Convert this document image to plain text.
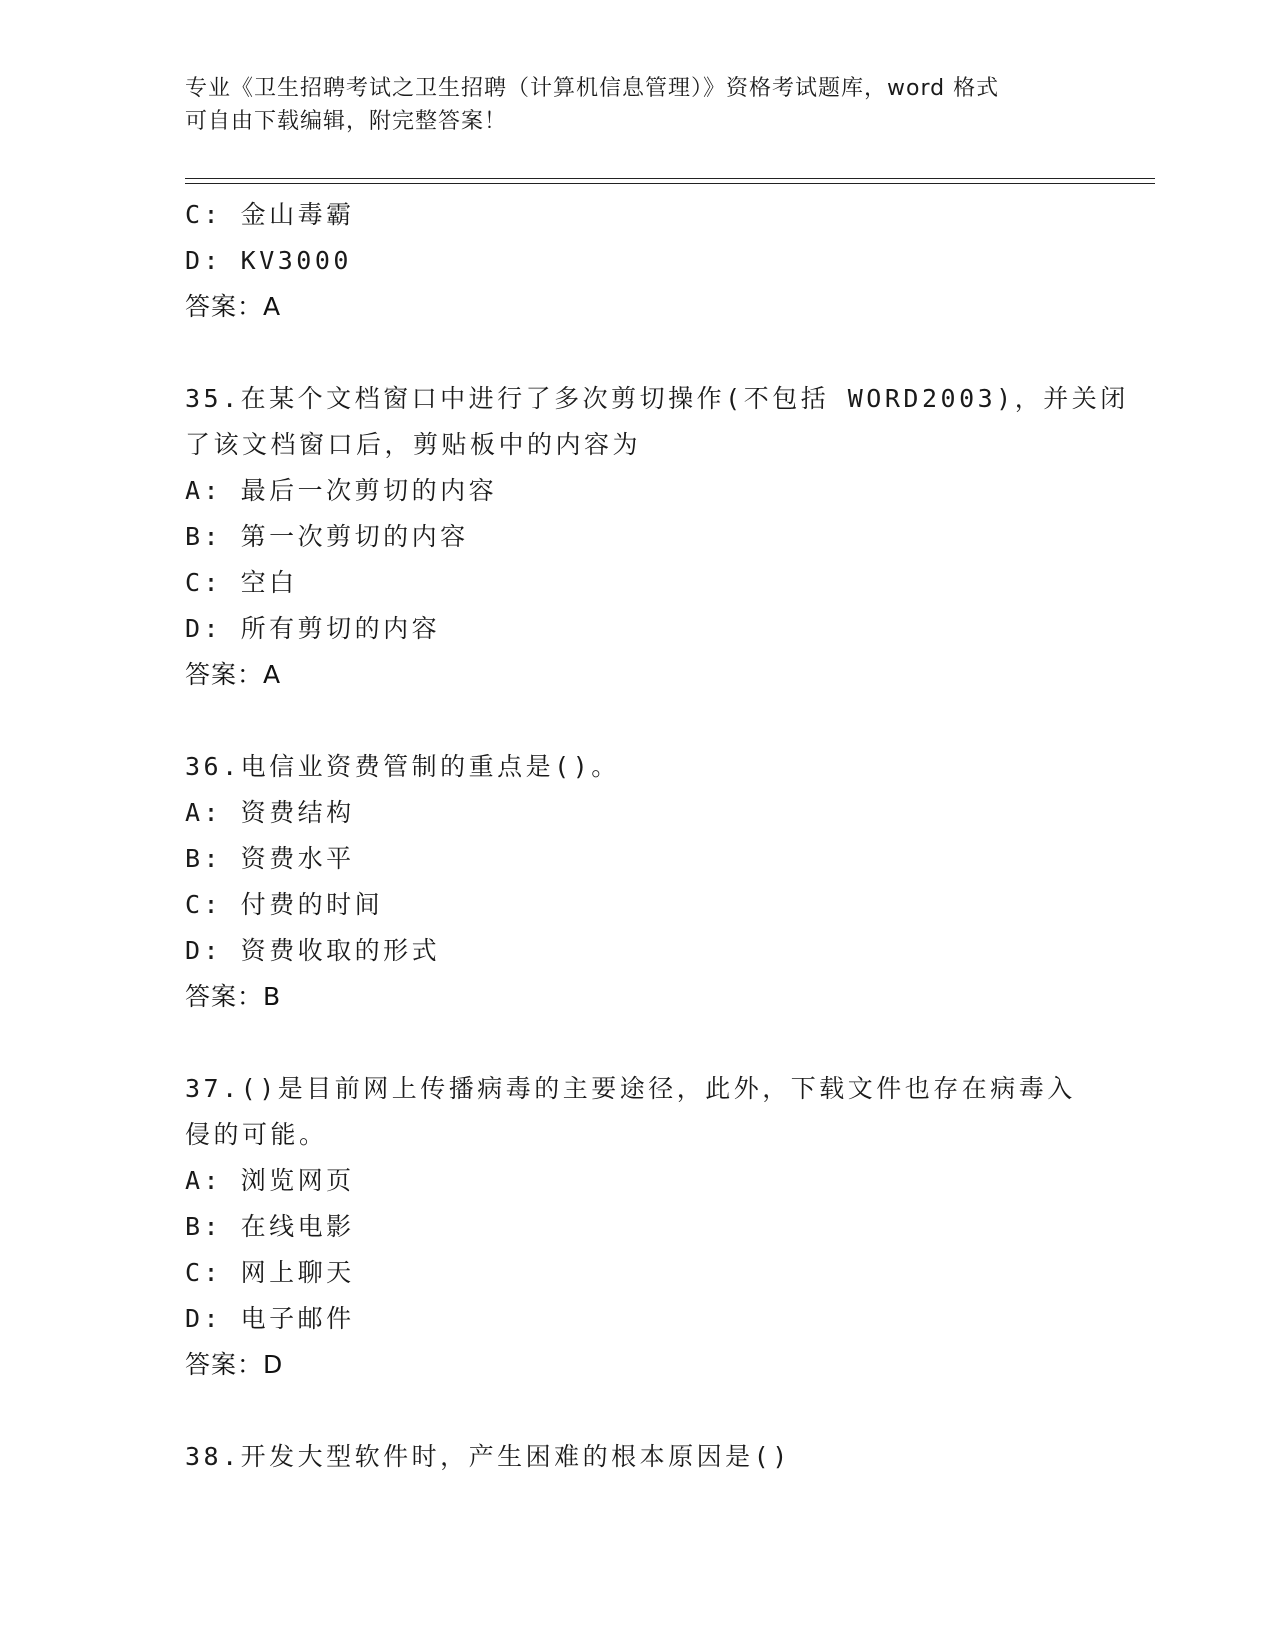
专业《卫生招聘考试之卫生招聘（计算机信息管理）》资格考试题库，word 格式
可自由下载编辑，附完整答案！
C: 金山毒霸
D: KV3000
答案：A
35.在某个文档窗口中进行了多次剪切操作(不包括 WORD2003)，并关闭
了该文档窗口后，剪贴板中的内容为
A: 最后一次剪切的内容
B: 第一次剪切的内容
C: 空白
D: 所有剪切的内容
答案：A
36.电信业资费管制的重点是()。
A: 资费结构
B: 资费水平
C: 付费的时间
D: 资费收取的形式
答案：B
37.()是目前网上传播病毒的主要途径，此外，下载文件也存在病毒入
侵的可能。
A: 浏览网页
B: 在线电影
C: 网上聊天
D: 电子邮件
答案：D
38.开发大型软件时，产生困难的根本原因是()
